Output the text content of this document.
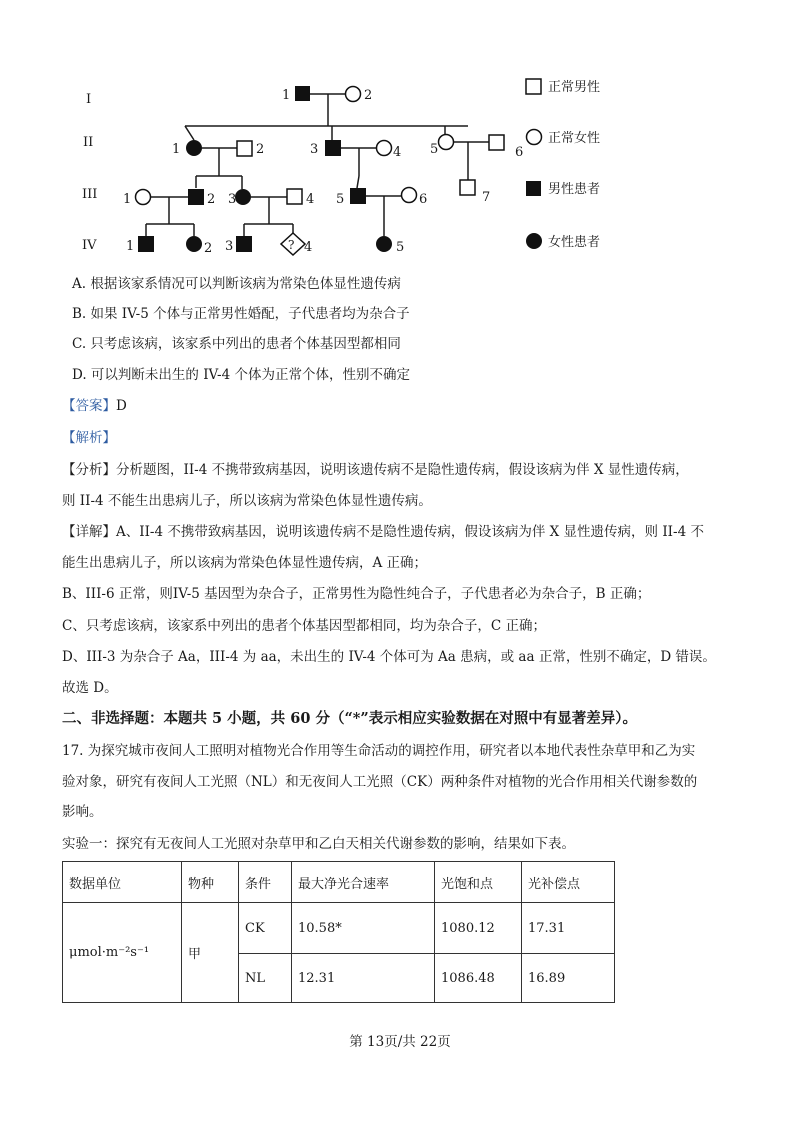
I
II
III
IV
1	2
1	2	3	4 5	6
7
1	2 3	4 5	6
1	2 3	? 4	5
正常男性
正常女性
男性患者
女性患者
A. 根据该家系情况可以判断该病为常染色体显性遗传病
B. 如果 IV-5 个体与正常男性婚配，子代患者均为杂合子
C. 只考虑该病，该家系中列出的患者个体基因型都相同
D. 可以判断未出生的 IV-4 个体为正常个体，性别不确定
【答案】D
【解析】
【分析】分析题图，II-4 不携带致病基因，说明该遗传病不是隐性遗传病，假设该病为伴 X 显性遗传病，
则 II-4 不能生出患病儿子，所以该病为常染色体显性遗传病。
【详解】A、II-4 不携带致病基因，说明该遗传病不是隐性遗传病，假设该病为伴 X 显性遗传病，则 II-4 不
能生出患病儿子，所以该病为常染色体显性遗传病，A 正确；
B、III-6 正常，则IV-5 基因型为杂合子，正常男性为隐性纯合子，子代患者必为杂合子，B 正确；
C、只考虑该病，该家系中列出的患者个体基因型都相同，均为杂合子，C 正确；
D、III-3 为杂合子 Aa，III-4 为 aa，未出生的 IV-4 个体可为 Aa 患病，或 aa 正常，性别不确定，D 错误。
故选 D。
二、非选择题：本题共 5 小题，共 60 分（“*”表示相应实验数据在对照中有显著差异）。
17. 为探究城市夜间人工照明对植物光合作用等生命活动的调控作用，研究者以本地代表性杂草甲和乙为实
验对象，研究有夜间人工光照（NL）和无夜间人工光照（CK）两种条件对植物的光合作用相关代谢参数的
影响。
实验一：探究有无夜间人工光照对杂草甲和乙白天相关代谢参数的影响，结果如下表。
数据单位	物种	条件	最大净光合速率	光饱和点	光补偿点
μmol·m⁻²s⁻¹	甲	CK	10.58*	1080.12	17.31
		NL	12.31	1086.48	16.89
第 13页/共 22页
